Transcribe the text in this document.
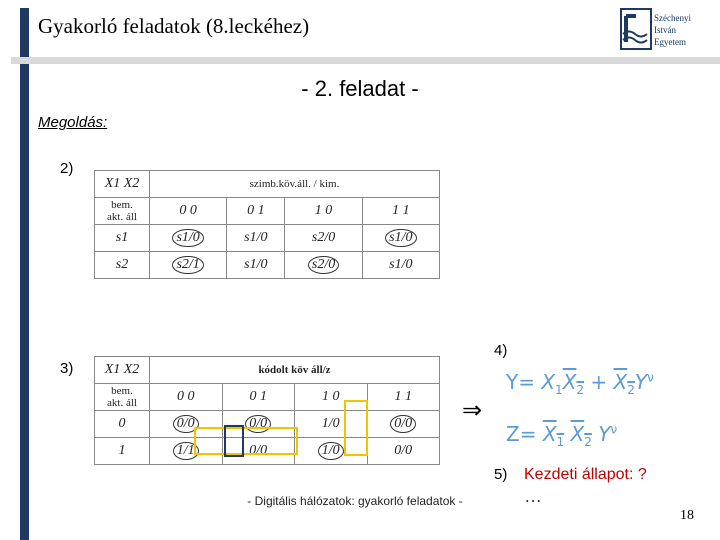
Gyakorló feladatok (8.leckéhez)	Széchenyi
István
Egyetem
- 2. feladat -
Megoldás:
2)
X1 X2	szimb.köv.áll. / kim.			
bem.
akt. áll	0 0	0 1	1 0	1 1
s1	s1/0	s1/0	s2/0	s1/0
s2	s2/1	s1/0	s2/0	s1/0
3)
4)
X1 X2	kódolt köv áll/z			
bem.
akt. áll	0 0	0 1	1 0	1 1
0	0/0	0/0	1/0	0/0
1	1/1	0/0	1/0	0/0
⇒
$Y= X_1X_2 + X_2Y^\nu$
$Z= X_1$ $X_2$ $Y^\nu$
5) Kezdeti állapot: ?
…
- Digitális hálózatok: gyakorló feladatok -
18
